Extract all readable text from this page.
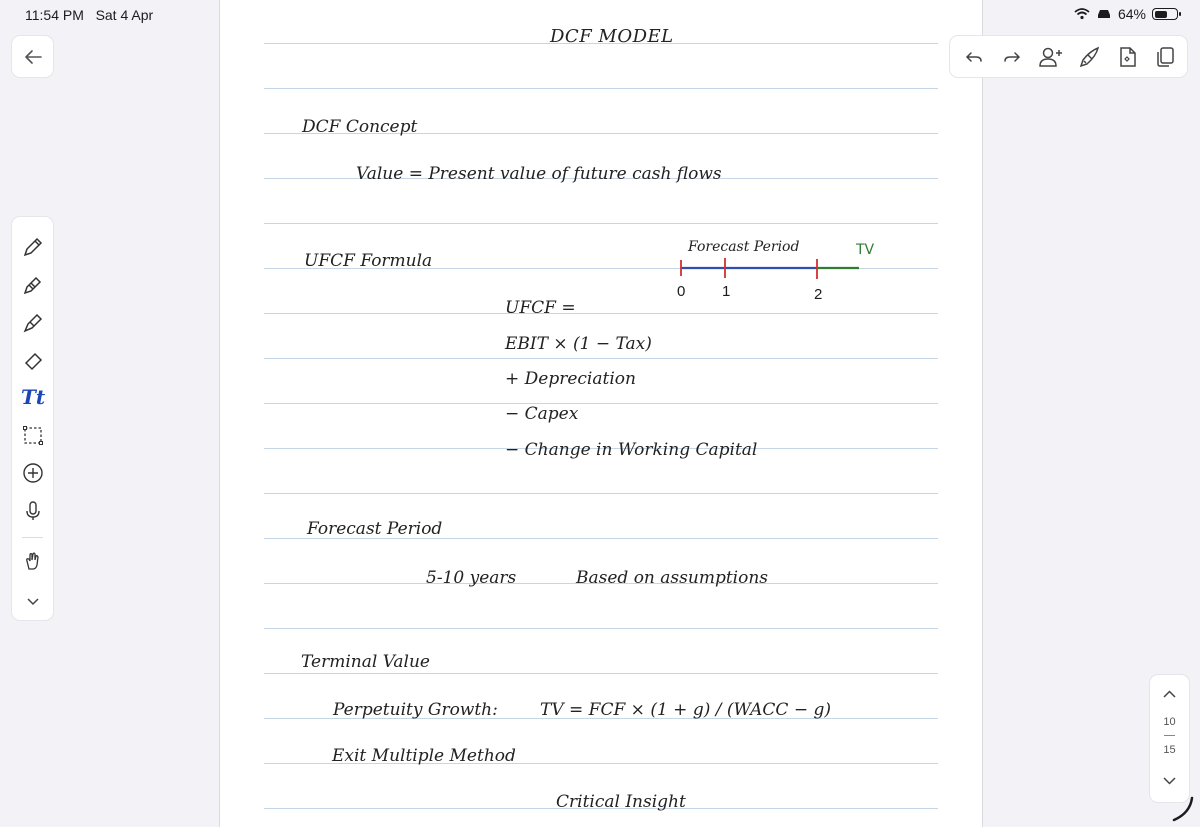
11:54 PM Sat 4 Apr	64%
Tt
DCF MODEL
DCF Concept
Value = Present value of future cash flows
UFCF Formula
UFCF =
EBIT × (1 − Tax)
+ Depreciation
− Capex
− Change in Working Capital
Forecast Period	TV
0 1	2
Forecast Period
5-10 years	Based on assumptions
Terminal Value
Perpetuity Growth: TV = FCF × (1 + g) / (WACC − g)
Exit Multiple Method
Critical Insight
10
15
